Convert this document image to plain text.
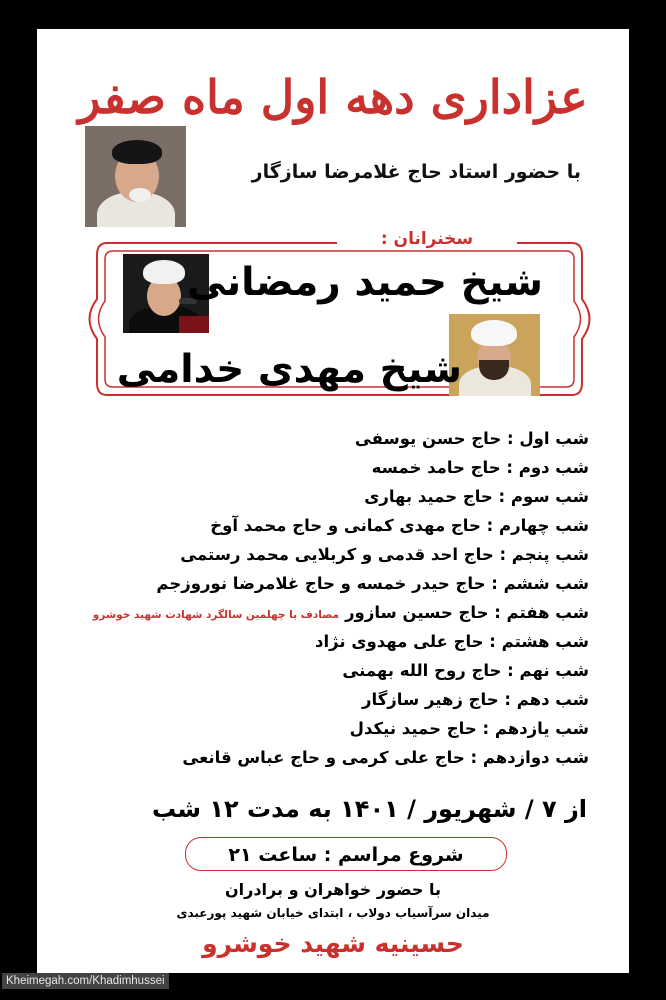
عزاداری دهه اول ماه صفر
با حضور استاد حاج غلامرضا سازگار
سخنرانان :
شیخ حمید رمضانی
شیخ مهدی خدامی
شب اول : حاج حسن یوسفی
شب دوم : حاج حامد خمسه
شب سوم : حاج حمید بهاری
شب چهارم : حاج مهدی کمانی و حاج محمد آوخ
شب پنجم : حاج احد قدمی و کربلایی محمد رستمی
شب ششم : حاج حیدر خمسه و حاج غلامرضا نوروزجم
شب هفتم : حاج حسین سازورمصادف با چهلمین سالگرد شهادت شهید خوشرو
شب هشتم : حاج علی مهدوی نژاد
شب نهم : حاج روح الله بهمنی
شب دهم : حاج زهیر سازگار
شب یازدهم : حاج حمید نیکدل
شب دوازدهم : حاج علی کرمی و حاج عباس قانعی
از ۷ / شهریور / ۱۴۰۱ به مدت ۱۲ شب
شروع مراسم : ساعت ۲۱
با حضور خواهران و برادران
میدان سرآسیاب دولاب ، ابتدای خیابان شهید پورعبدی
حسینیه شهید خوشرو
Kheimegah.com/Khadimhussei
